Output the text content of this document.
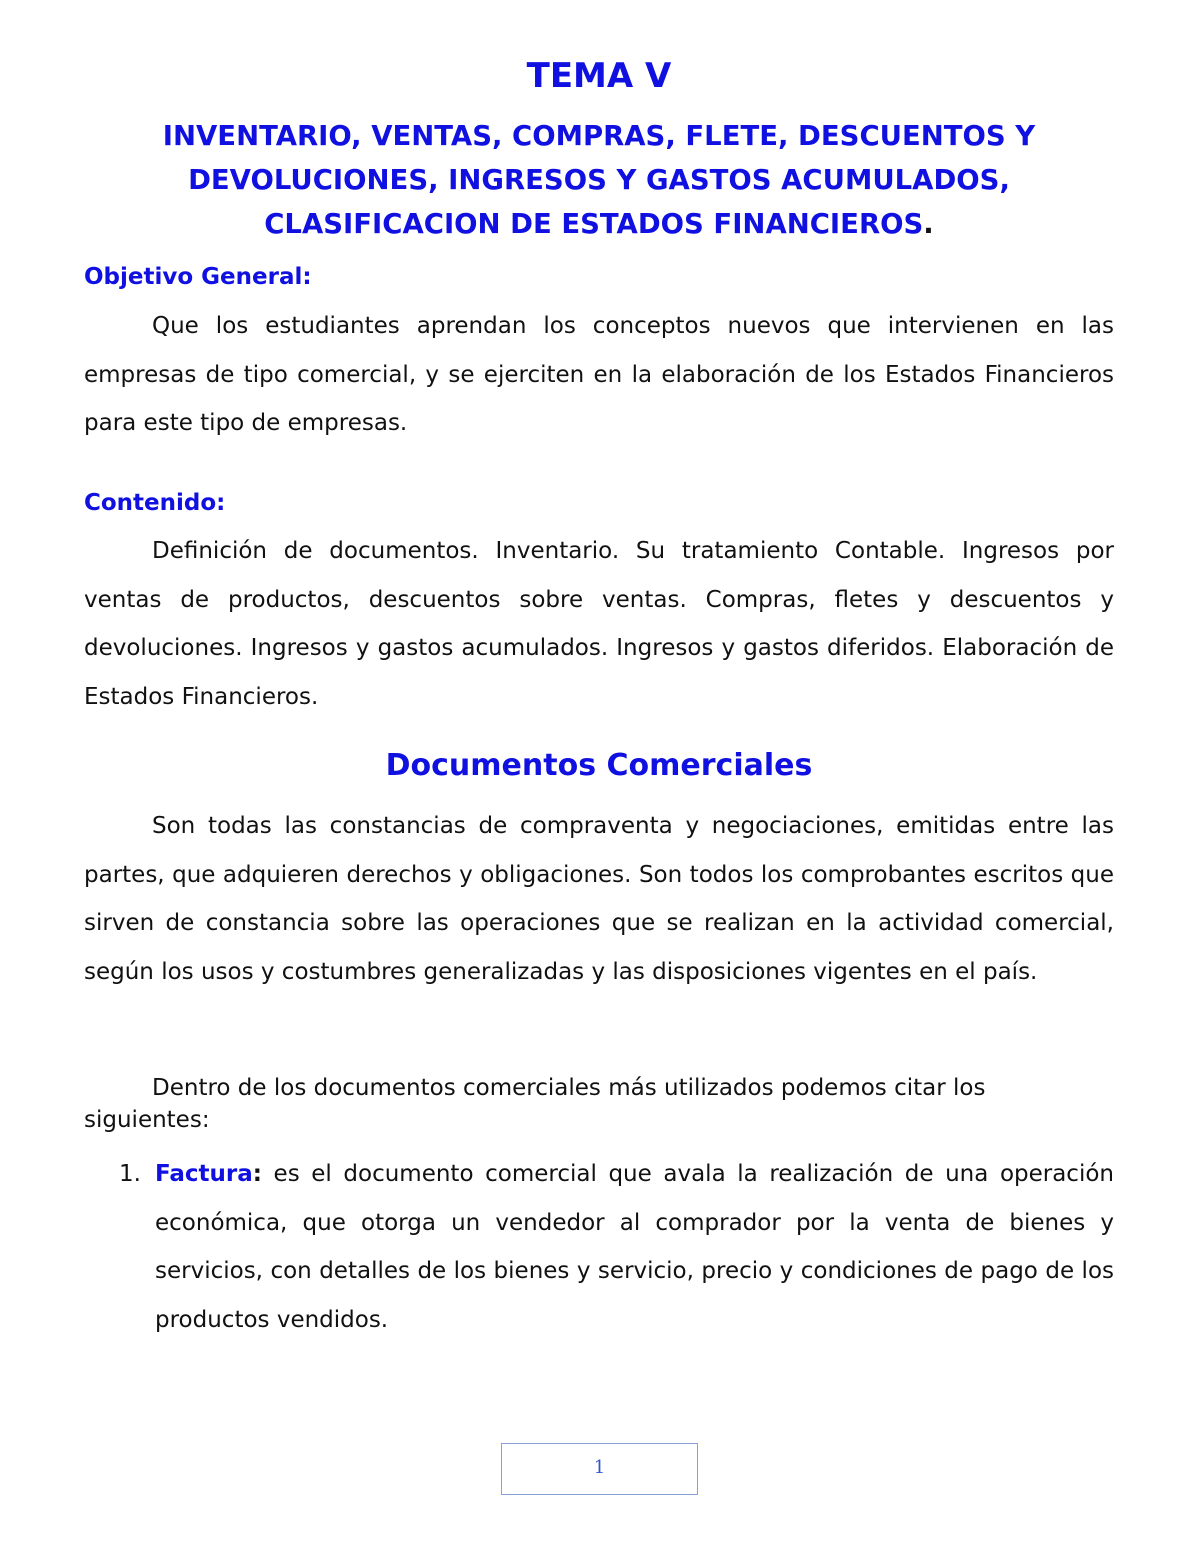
TEMA V
INVENTARIO, VENTAS, COMPRAS, FLETE, DESCUENTOS Y
DEVOLUCIONES, INGRESOS Y GASTOS ACUMULADOS,
CLASIFICACION DE ESTADOS FINANCIEROS.
Objetivo General:

Que los estudiantes aprendan los conceptos nuevos que intervienen en las empresas de tipo comercial, y se ejerciten en la elaboración de los Estados Financieros para este tipo de empresas.

Contenido:

Definición de documentos. Inventario. Su tratamiento Contable. Ingresos por ventas de productos, descuentos sobre ventas. Compras, fletes y descuentos y devoluciones. Ingresos y gastos acumulados. Ingresos y gastos diferidos. Elaboración de Estados Financieros.

Documentos Comerciales

Son todas las constancias de compraventa y negociaciones, emitidas entre las partes, que adquieren derechos y obligaciones. Son todos los comprobantes escritos que sirven de constancia sobre las operaciones que se realizan en la actividad comercial, según los usos y costumbres generalizadas y las disposiciones vigentes en el país.

Dentro de los documentos comerciales más utilizados podemos citar los siguientes:

1. Factura: es el documento comercial que avala la realización de una operación económica, que otorga un vendedor al comprador por la venta de bienes y servicios, con detalles de los bienes y servicio, precio y condiciones de pago de los productos vendidos.
1
